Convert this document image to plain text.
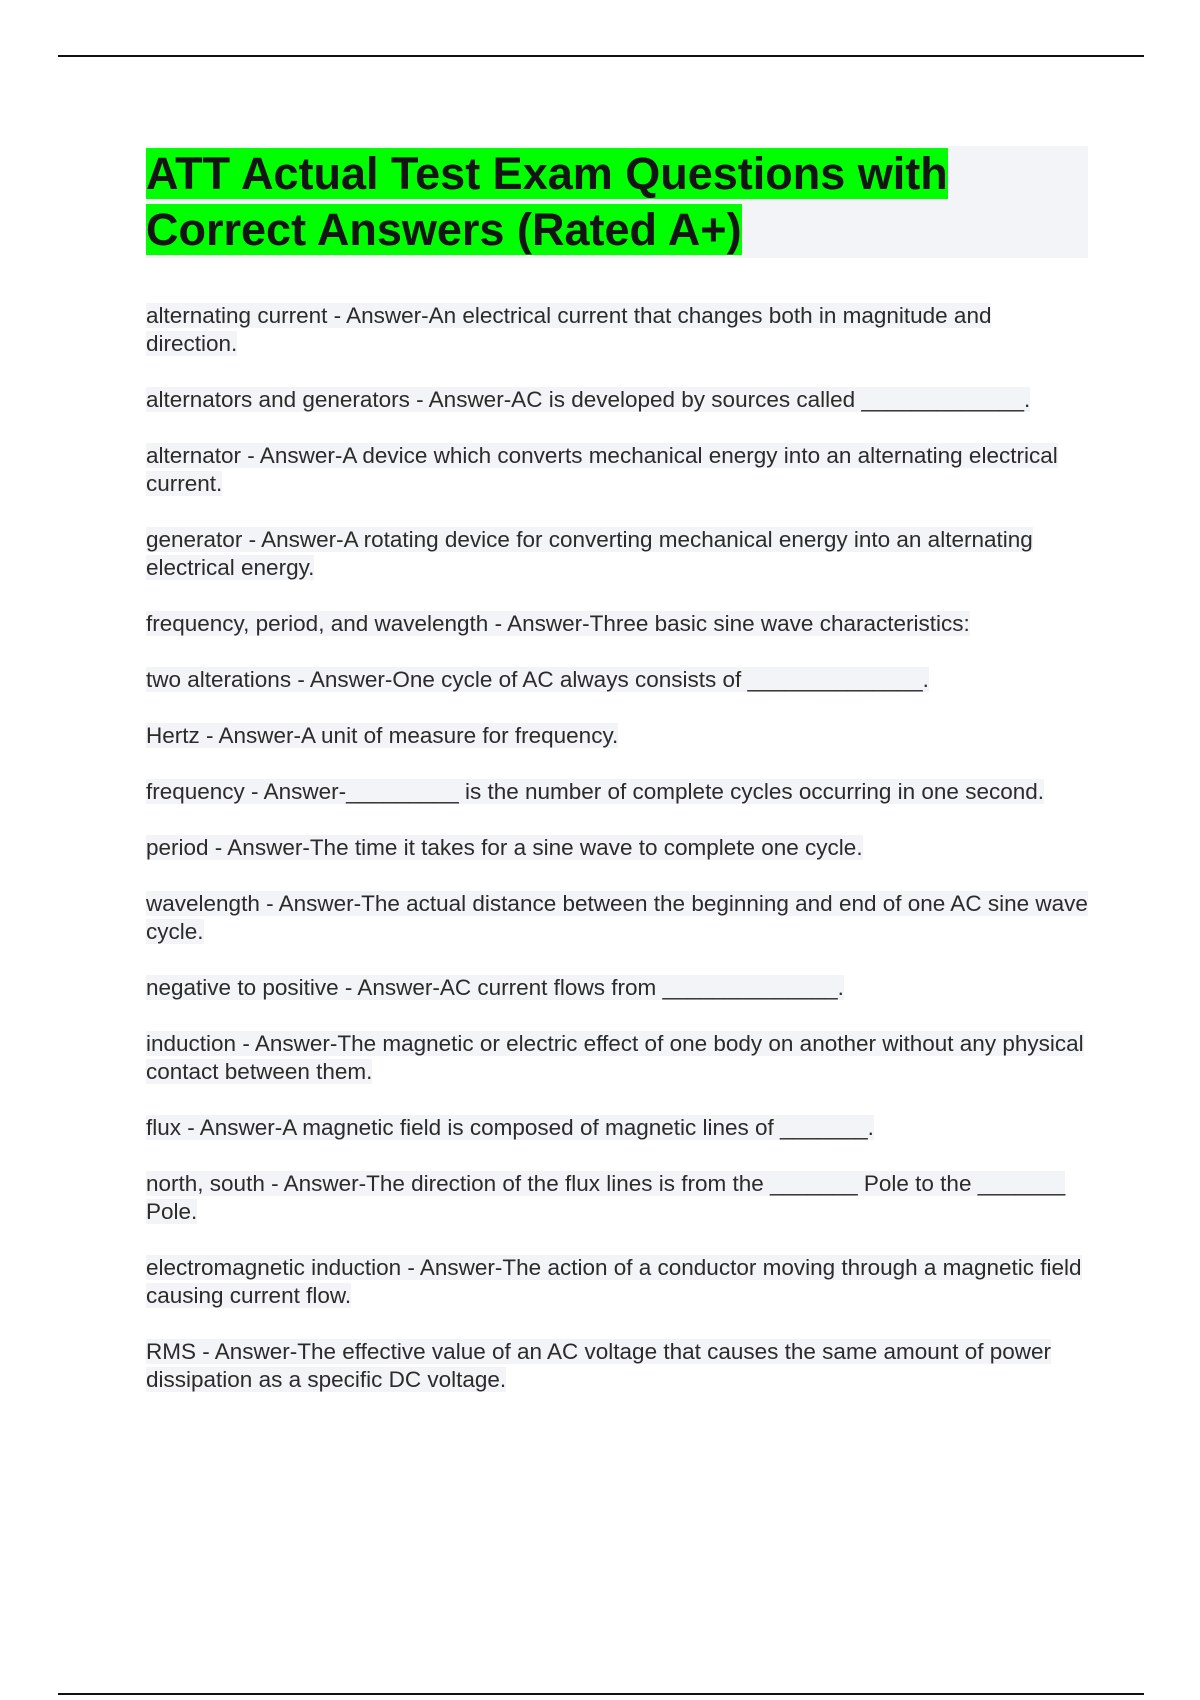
ATT Actual Test Exam Questions with Correct Answers (Rated A+)
alternating current - Answer-An electrical current that changes both in magnitude and direction.
alternators and generators - Answer-AC is developed by sources called _____________.
alternator - Answer-A device which converts mechanical energy into an alternating electrical current.
generator - Answer-A rotating device for converting mechanical energy into an alternating electrical energy.
frequency, period, and wavelength - Answer-Three basic sine wave characteristics:
two alterations - Answer-One cycle of AC always consists of ______________.
Hertz - Answer-A unit of measure for frequency.
frequency - Answer-_________ is the number of complete cycles occurring in one second.
period - Answer-The time it takes for a sine wave to complete one cycle.
wavelength - Answer-The actual distance between the beginning and end of one AC sine wave cycle.
negative to positive - Answer-AC current flows from ______________.
induction - Answer-The magnetic or electric effect of one body on another without any physical contact between them.
flux - Answer-A magnetic field is composed of magnetic lines of _______.
north, south - Answer-The direction of the flux lines is from the _______ Pole to the _______ Pole.
electromagnetic induction - Answer-The action of a conductor moving through a magnetic field causing current flow.
RMS - Answer-The effective value of an AC voltage that causes the same amount of power dissipation as a specific DC voltage.
